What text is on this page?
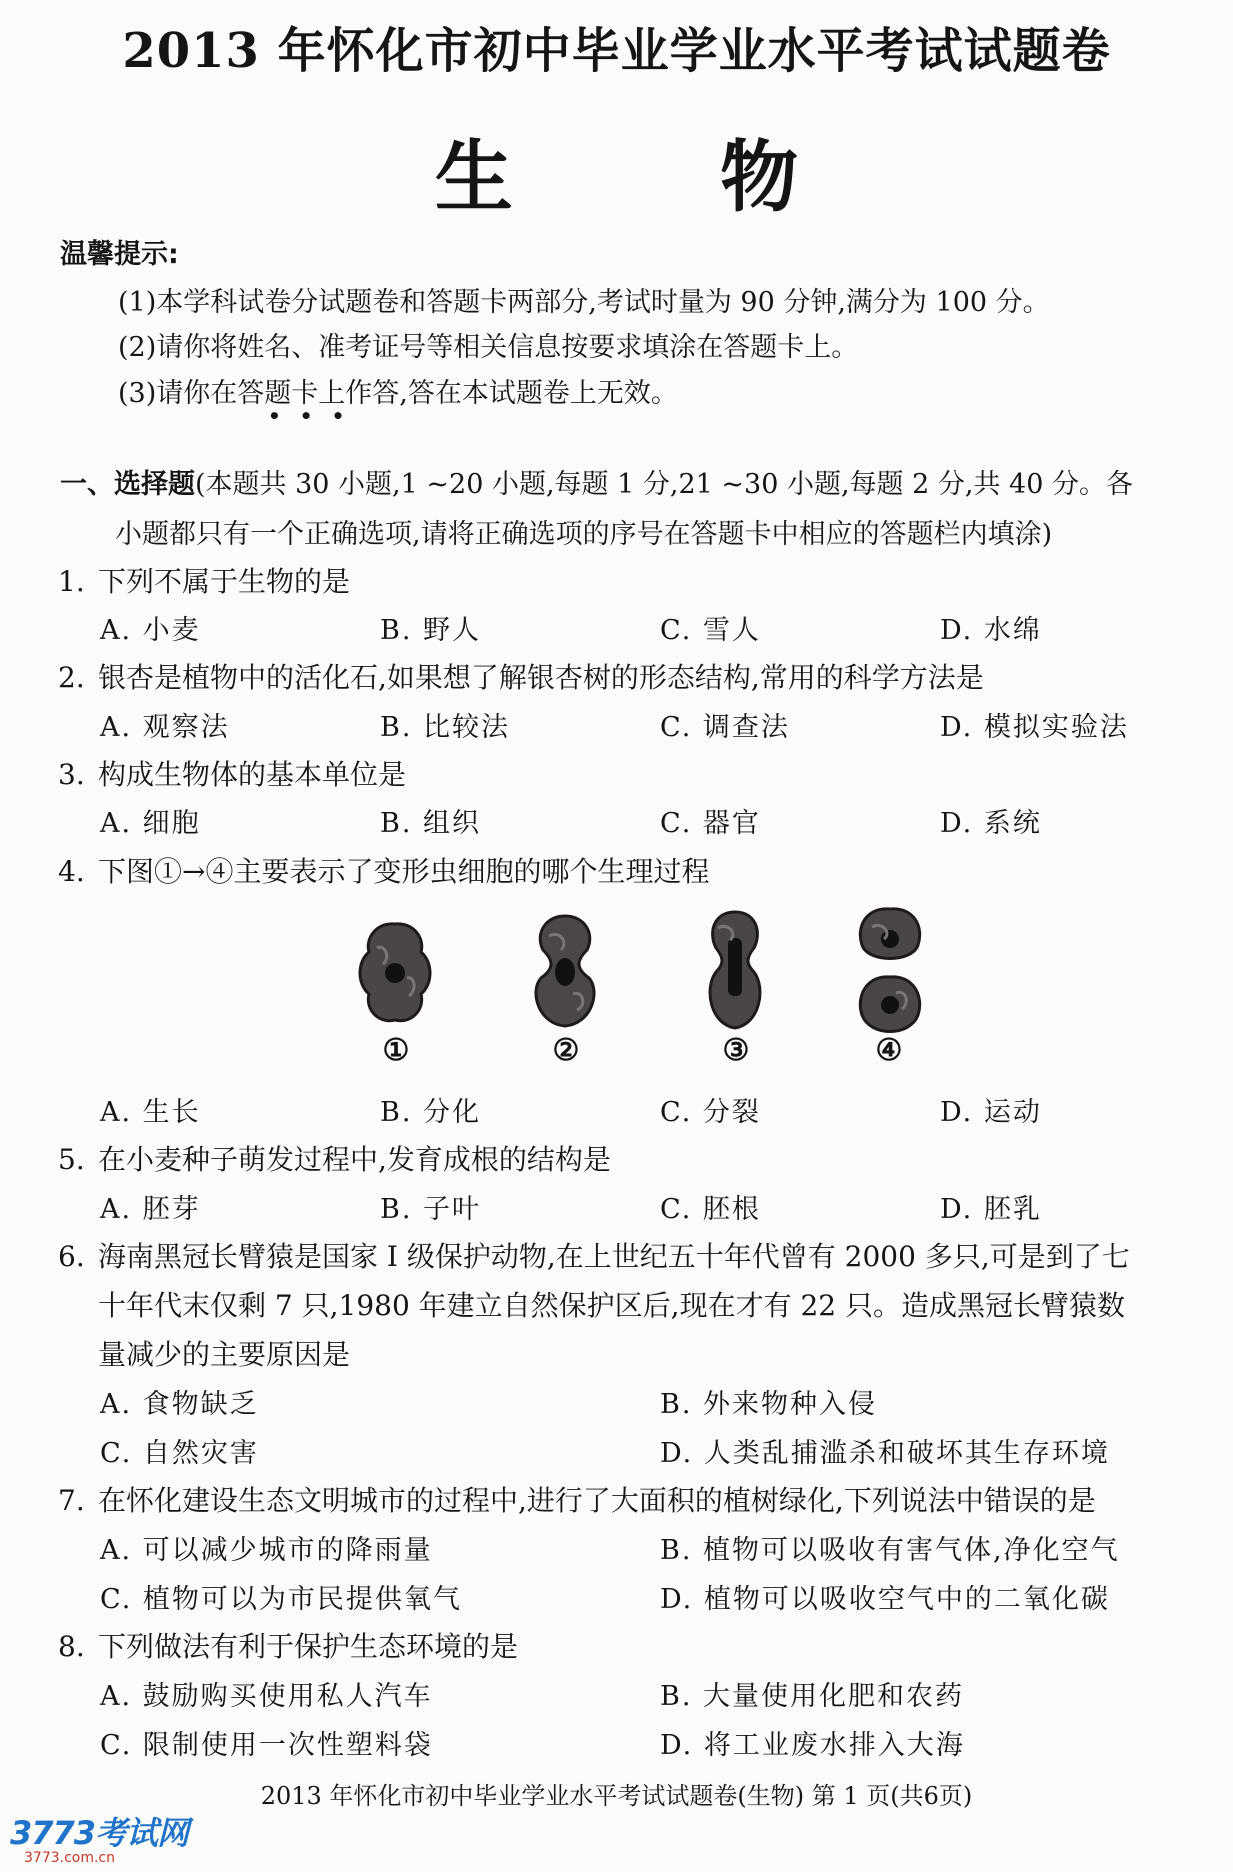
2013 年怀化市初中毕业学业水平考试试题卷
生 物
温馨提示:
(1)本学科试卷分试题卷和答题卡两部分,考试时量为 90 分钟,满分为 100 分。
(2)请你将姓名、准考证号等相关信息按要求填涂在答题卡上。
(3)请你在答题卡上作答,答在本试题卷上无效。
•••
一、选择题(本题共 30 小题,1 ~20 小题,每题 1 分,21 ~30 小题,每题 2 分,共 40 分。各
小题都只有一个正确选项,请将正确选项的序号在答题卡中相应的答题栏内填涂)
1. 下列不属于生物的是
A. 小麦	B. 野人	C. 雪人	D. 水绵
2. 银杏是植物中的活化石,如果想了解银杏树的形态结构,常用的科学方法是
A. 观察法	B. 比较法	C. 调查法	D. 模拟实验法
3. 构成生物体的基本单位是
A. 细胞	B. 组织	C. 器官	D. 系统
4. 下图①→④主要表示了变形虫细胞的哪个生理过程
①	②	③	④
A. 生长	B. 分化	C. 分裂	D. 运动
5. 在小麦种子萌发过程中,发育成根的结构是
A. 胚芽	B. 子叶	C. 胚根	D. 胚乳
6. 海南黑冠长臂猿是国家 I 级保护动物,在上世纪五十年代曾有 2000 多只,可是到了七
十年代末仅剩 7 只,1980 年建立自然保护区后,现在才有 22 只。造成黑冠长臂猿数
量减少的主要原因是
A. 食物缺乏	B. 外来物种入侵
C. 自然灾害	D. 人类乱捕滥杀和破坏其生存环境
7. 在怀化建设生态文明城市的过程中,进行了大面积的植树绿化,下列说法中错误的是
A. 可以减少城市的降雨量	B. 植物可以吸收有害气体,净化空气
C. 植物可以为市民提供氧气	D. 植物可以吸收空气中的二氧化碳
8. 下列做法有利于保护生态环境的是
A. 鼓励购买使用私人汽车	B. 大量使用化肥和农药
C. 限制使用一次性塑料袋	D. 将工业废水排入大海
2013 年怀化市初中毕业学业水平考试试题卷(生物) 第 1 页(共6页)
3773考试网
3773.com.cn
